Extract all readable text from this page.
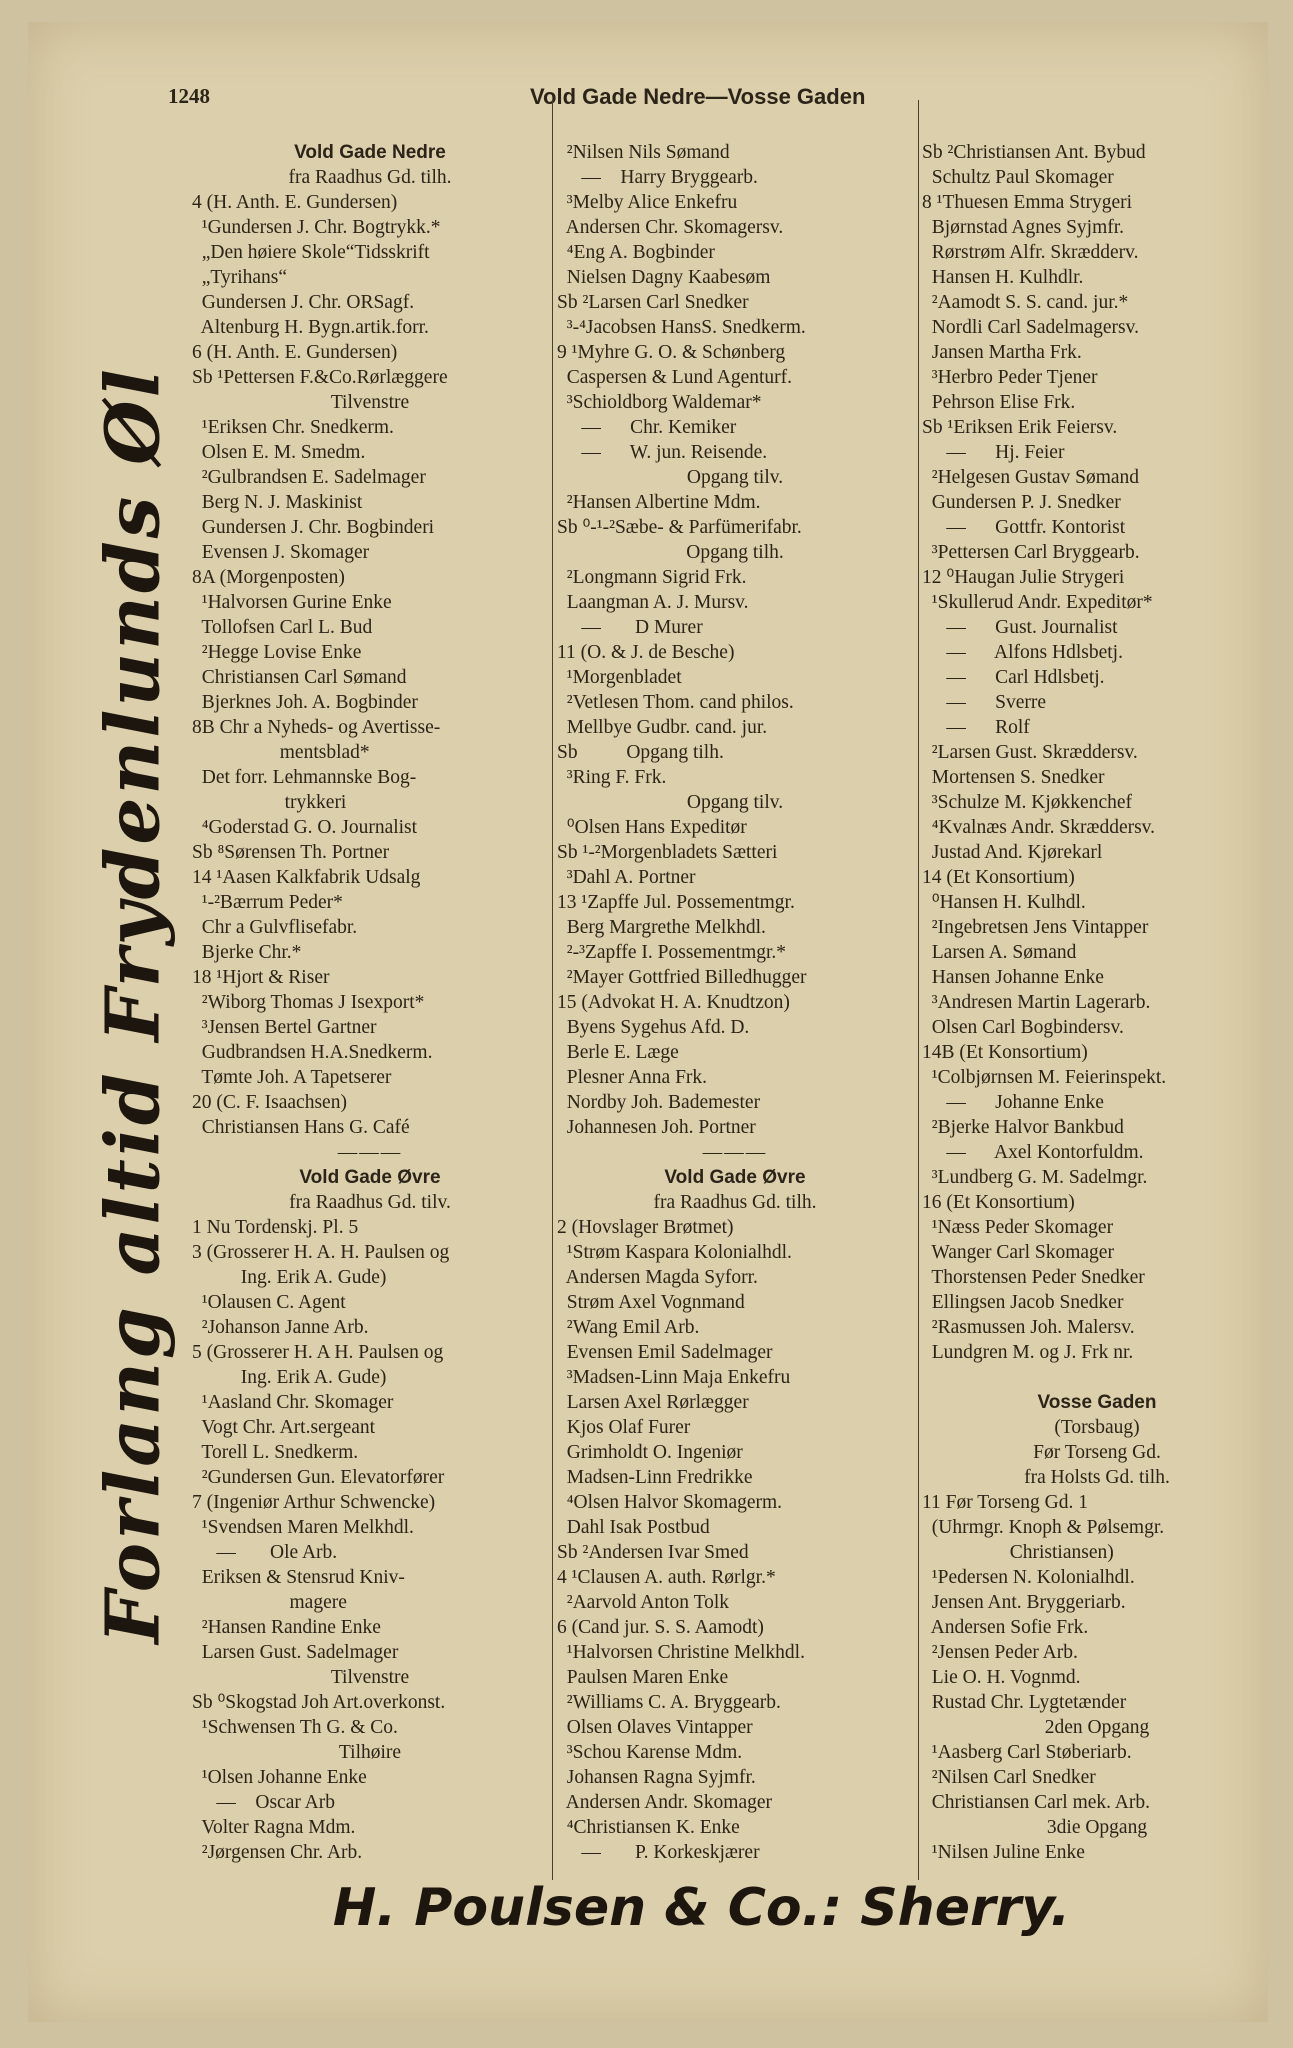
1248	Vold Gade Nedre—Vosse Gaden
Forlang altid Frydenlunds Øl
Vold Gade Nedre
fra Raadhus Gd. tilh.
4 (H. Anth. E. Gundersen)
¹Gundersen J. Chr. Bogtrykk.*
„Den høiere Skole“Tidsskrift
„Tyrihans“
Gundersen J. Chr. ORSagf.
Altenburg H. Bygn.artik.forr.
6 (H. Anth. E. Gundersen)
Sb ¹Pettersen F.&Co.Rørlæggere
Tilvenstre
¹Eriksen Chr. Snedkerm.
Olsen E. M. Smedm.
²Gulbrandsen E. Sadelmager
Berg N. J. Maskinist
Gundersen J. Chr. Bogbinderi
Evensen J. Skomager
8A (Morgenposten)
¹Halvorsen Gurine Enke
Tollofsen Carl L. Bud
²Hegge Lovise Enke
Christiansen Carl Sømand
Bjerknes Joh. A. Bogbinder
8B Chr a Nyheds- og Avertisse-
mentsblad*
Det forr. Lehmannske Bog-
trykkeri
⁴Goderstad G. O. Journalist
Sb ⁸Sørensen Th. Portner
14 ¹Aasen Kalkfabrik Udsalg
¹-²Bærrum Peder*
Chr a Gulvflisefabr.
Bjerke Chr.*
18 ¹Hjort & Riser
²Wiborg Thomas J Isexport*
³Jensen Bertel Gartner
Gudbrandsen H.A.Snedkerm.
Tømte Joh. A Tapetserer
20 (C. F. Isaachsen)
Christiansen Hans G. Café
———
Vold Gade Øvre
fra Raadhus Gd. tilv.
1 Nu Tordenskj. Pl. 5
3 (Grosserer H. A. H. Paulsen og
Ing. Erik A. Gude)
¹Olausen C. Agent
²Johanson Janne Arb.
5 (Grosserer H. A H. Paulsen og
Ing. Erik A. Gude)
¹Aasland Chr. Skomager
Vogt Chr. Art.sergeant
Torell L. Snedkerm.
²Gundersen Gun. Elevatorfører
7 (Ingeniør Arthur Schwencke)
¹Svendsen Maren Melkhdl.
—       Ole Arb.
Eriksen & Stensrud Kniv-
magere
²Hansen Randine Enke
Larsen Gust. Sadelmager
Tilvenstre
Sb ⁰Skogstad Joh Art.overkonst.
¹Schwensen Th G. & Co.
Tilhøire
¹Olsen Johanne Enke
—    Oscar Arb
Volter Ragna Mdm.
²Jørgensen Chr. Arb.
²Nilsen Nils Sømand
—    Harry Bryggearb.
³Melby Alice Enkefru
Andersen Chr. Skomagersv.
⁴Eng A. Bogbinder
Nielsen Dagny Kaabesøm
Sb ²Larsen Carl Snedker
³-⁴Jacobsen HansS. Snedkerm.
9 ¹Myhre G. O. & Schønberg
Caspersen & Lund Agenturf.
³Schioldborg Waldemar*
—      Chr. Kemiker
—      W. jun. Reisende.
Opgang tilv.
²Hansen Albertine Mdm.
Sb ⁰-¹-²Sæbe- & Parfümerifabr.
Opgang tilh.
²Longmann Sigrid Frk.
Laangman A. J. Mursv.
—       D Murer
11 (O. & J. de Besche)
¹Morgenbladet
²Vetlesen Thom. cand philos.
Mellbye Gudbr. cand. jur.
Sb          Opgang tilh.
³Ring F. Frk.
Opgang tilv.
⁰Olsen Hans Expeditør
Sb ¹-²Morgenbladets Sætteri
³Dahl A. Portner
13 ¹Zapffe Jul. Possementmgr.
Berg Margrethe Melkhdl.
²-³Zapffe I. Possementmgr.*
²Mayer Gottfried Billedhugger
15 (Advokat H. A. Knudtzon)
Byens Sygehus Afd. D.
Berle E. Læge
Plesner Anna Frk.
Nordby Joh. Bademester
Johannesen Joh. Portner
———
Vold Gade Øvre
fra Raadhus Gd. tilh.
2 (Hovslager Brøtmet)
¹Strøm Kaspara Kolonialhdl.
Andersen Magda Syforr.
Strøm Axel Vognmand
²Wang Emil Arb.
Evensen Emil Sadelmager
³Madsen-Linn Maja Enkefru
Larsen Axel Rørlægger
Kjos Olaf Furer
Grimholdt O. Ingeniør
Madsen-Linn Fredrikke
⁴Olsen Halvor Skomagerm.
Dahl Isak Postbud
Sb ²Andersen Ivar Smed
4 ¹Clausen A. auth. Rørlgr.*
²Aarvold Anton Tolk
6 (Cand jur. S. S. Aamodt)
¹Halvorsen Christine Melkhdl.
Paulsen Maren Enke
²Williams C. A. Bryggearb.
Olsen Olaves Vintapper
³Schou Karense Mdm.
Johansen Ragna Syjmfr.
Andersen Andr. Skomager
⁴Christiansen K. Enke
—       P. Korkeskjærer
Sb ²Christiansen Ant. Bybud
Schultz Paul Skomager
8 ¹Thuesen Emma Strygeri
Bjørnstad Agnes Syjmfr.
Rørstrøm Alfr. Skrædderv.
Hansen H. Kulhdlr.
²Aamodt S. S. cand. jur.*
Nordli Carl Sadelmagersv.
Jansen Martha Frk.
³Herbro Peder Tjener
Pehrson Elise Frk.
Sb ¹Eriksen Erik Feiersv.
—      Hj. Feier
²Helgesen Gustav Sømand
Gundersen P. J. Snedker
—      Gottfr. Kontorist
³Pettersen Carl Bryggearb.
12 ⁰Haugan Julie Strygeri
¹Skullerud Andr. Expeditør*
—      Gust. Journalist
—      Alfons Hdlsbetj.
—      Carl Hdlsbetj.
—      Sverre
—      Rolf
²Larsen Gust. Skræddersv.
Mortensen S. Snedker
³Schulze M. Kjøkkenchef
⁴Kvalnæs Andr. Skræddersv.
Justad And. Kjørekarl
14 (Et Konsortium)
⁰Hansen H. Kulhdl.
²Ingebretsen Jens Vintapper
Larsen A. Sømand
Hansen Johanne Enke
³Andresen Martin Lagerarb.
Olsen Carl Bogbindersv.
14B (Et Konsortium)
¹Colbjørnsen M. Feierinspekt.
—      Johanne Enke
²Bjerke Halvor Bankbud
—      Axel Kontorfuldm.
³Lundberg G. M. Sadelmgr.
16 (Et Konsortium)
¹Næss Peder Skomager
Wanger Carl Skomager
Thorstensen Peder Snedker
Ellingsen Jacob Snedker
²Rasmussen Joh. Malersv.
Lundgren M. og J. Frk nr.
Vosse Gaden
(Torsbaug)
Før Torseng Gd.
fra Holsts Gd. tilh.
11 Før Torseng Gd. 1
(Uhrmgr. Knoph & Pølsemgr.
Christiansen)
¹Pedersen N. Kolonialhdl.
Jensen Ant. Bryggeriarb.
Andersen Sofie Frk.
²Jensen Peder Arb.
Lie O. H. Vognmd.
Rustad Chr. Lygtetænder
2den Opgang
¹Aasberg Carl Støberiarb.
²Nilsen Carl Snedker
Christiansen Carl mek. Arb.
3die Opgang
¹Nilsen Juline Enke
H. Poulsen & Co.: Sherry.
